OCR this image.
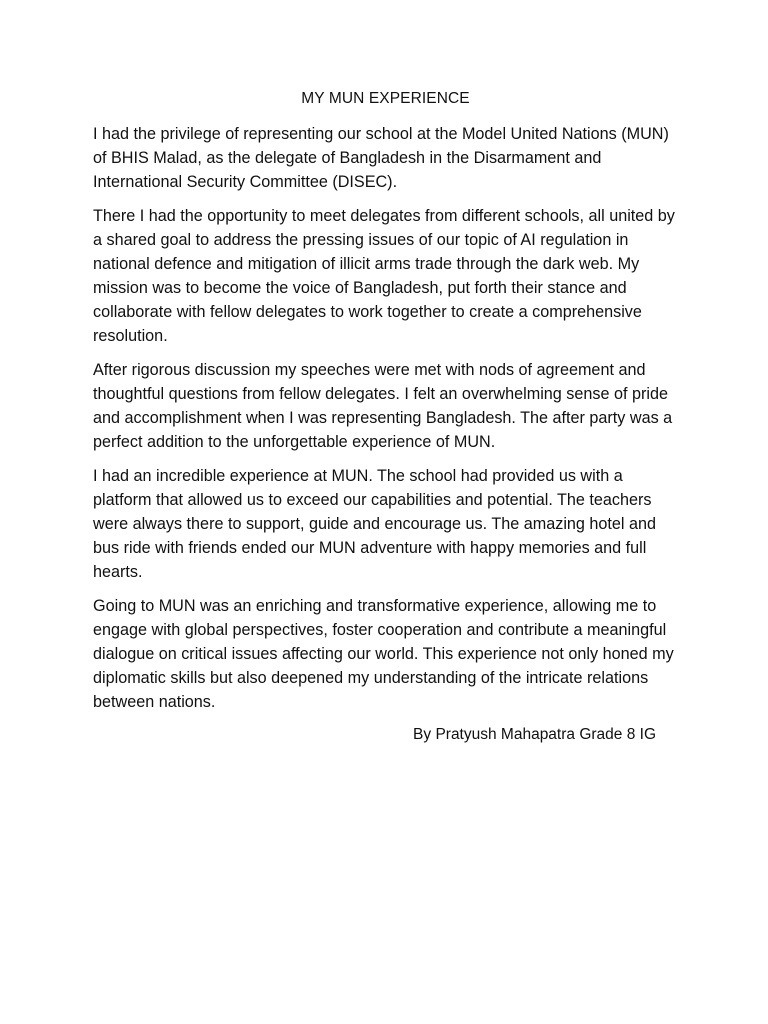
MY MUN EXPERIENCE

I had the privilege of representing our school at the Model United Nations (MUN) of BHIS Malad, as the delegate of Bangladesh in the Disarmament and International Security Committee (DISEC).

There I had the opportunity to meet delegates from different schools, all united by a shared goal to address the pressing issues of our topic of AI regulation in national defence and mitigation of illicit arms trade through the dark web. My mission was to become the voice of Bangladesh, put forth their stance and collaborate with fellow delegates to work together to create a comprehensive resolution.

After rigorous discussion my speeches were met with nods of agreement and thoughtful questions from fellow delegates. I felt an overwhelming sense of pride and accomplishment when I was representing Bangladesh. The after party was a perfect addition to the unforgettable experience of MUN.

I had an incredible experience at MUN. The school had provided us with a platform that allowed us to exceed our capabilities and potential. The teachers were always there to support, guide and encourage us. The amazing hotel and bus ride with friends ended our MUN adventure with happy memories and full hearts.

Going to MUN was an enriching and transformative experience, allowing me to engage with global perspectives, foster cooperation and contribute a meaningful dialogue on critical issues affecting our world. This experience not only honed my diplomatic skills but also deepened my understanding of the intricate relations between nations.

By Pratyush Mahapatra Grade 8 IG
